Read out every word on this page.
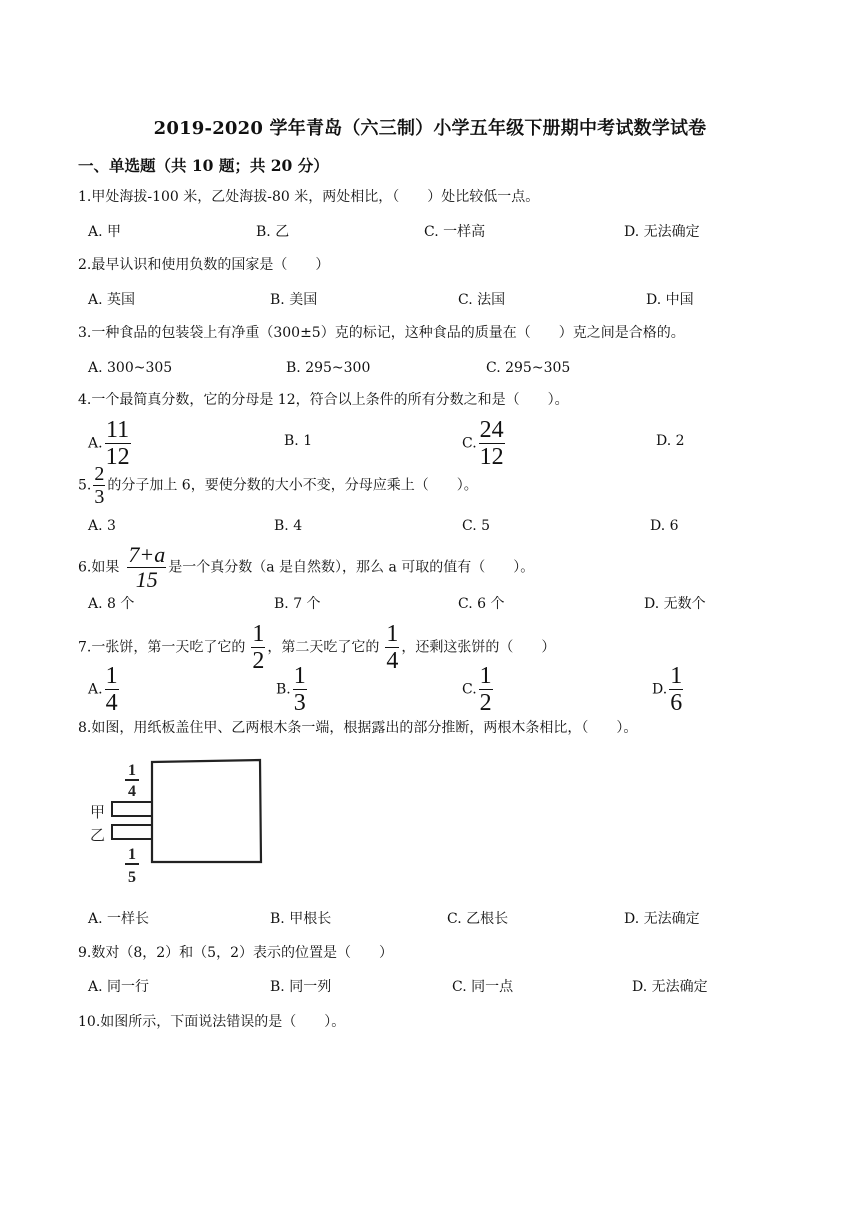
2019-2020 学年青岛（六三制）小学五年级下册期中考试数学试卷
一、单选题（共 10 题；共 20 分）
1.甲处海拔-100 米，乙处海拔-80 米，两处相比，（　　）处比较低一点。
A. 甲	B. 乙	C. 一样高	D. 无法确定
2.最早认识和使用负数的国家是（　　）
A. 英国	B. 美国	C. 法国	D. 中国
3.一种食品的包装袋上有净重（300±5）克的标记，这种食品的质量在（　　）克之间是合格的。
A. 300~305	B. 295~300	C. 295~305
4.一个最简真分数，它的分母是 12，符合以上条件的所有分数之和是（　　）。
A. $\frac{11}{12}$	B. 1	C. $\frac{24}{12}$	D. 2
5. $\frac{2}{3}$ 的分子加上 6，要使分数的大小不变，分母应乘上（　　）。
A. 3	B. 4	C. 5	D. 6
6.如果 $\frac{7+a}{15}$ 是一个真分数（a 是自然数），那么 a 可取的值有（　　）。
A. 8 个	B. 7 个	C. 6 个	D. 无数个
7.一张饼，第一天吃了它的 $\frac{1}{2}$ ，第二天吃了它的 $\frac{1}{4}$ ，还剩这张饼的（　　）
A. $\frac{1}{4}$	B. $\frac{1}{3}$	C. $\frac{1}{2}$	D. $\frac{1}{6}$
8.如图，用纸板盖住甲、乙两根木条一端，根据露出的部分推断，两根木条相比，（　　）。
1
4
甲
乙
1
5
A. 一样长	B. 甲根长	C. 乙根长	D. 无法确定
9.数对（8，2）和（5，2）表示的位置是（　　）
A. 同一行	B. 同一列	C. 同一点	D. 无法确定
10.如图所示，下面说法错误的是（　　）。
